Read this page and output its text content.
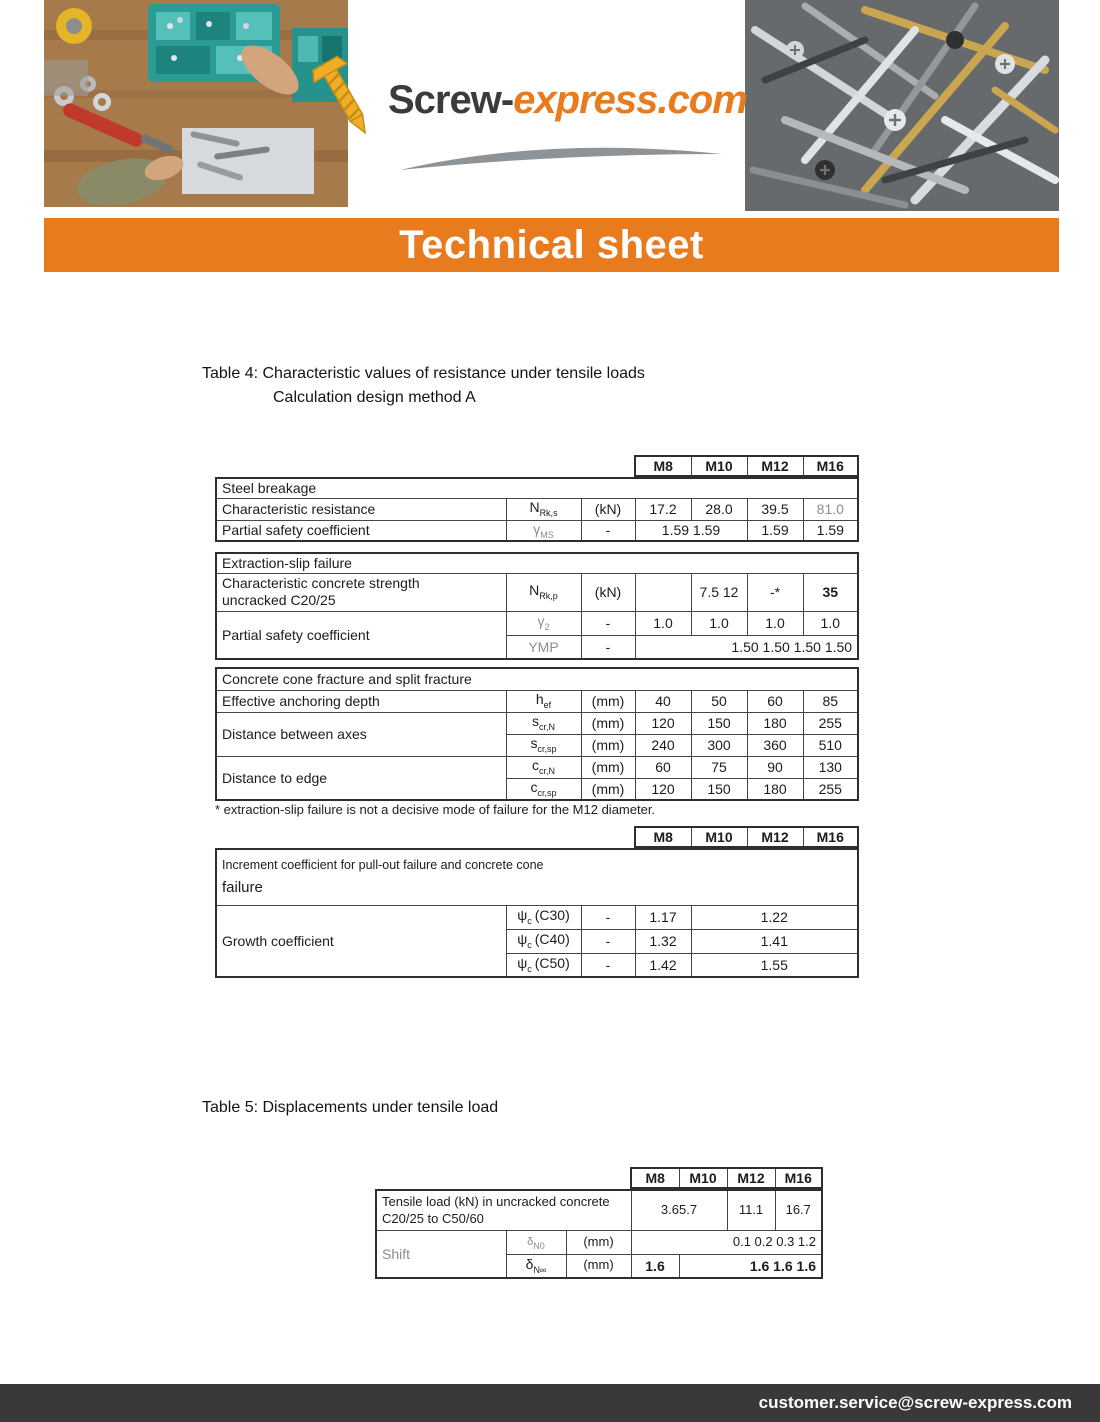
Screw-express.com
Technical sheet
Table 4: Characteristic values of resistance under tensile loads
Calculation design method A
M8	M10	M12	M16
Steel breakage						
Characteristic resistance	$N_{Rk,s}$	(kN)	17.2	28.0	39.5	81.0
Partial safety coefficient	$\gamma_{MS}$	-	1.59 1.59		1.59	1.59
Extraction-slip failure						

Characteristic concrete strength
uncracked C20/25	$N_{Rk,p}$	(kN)		7.5 12	-*	35
Partial safety coefficient	$\gamma_2$	-	1.0	1.0	1.0	1.0
	YMP	-	1.50 1.50 1.50 1.50			
Concrete cone fracture and split fracture						
Effective anchoring depth	$h_{ef}$	(mm)	40	50	60	85
Distance between axes	$s_{cr,N}$	(mm)	120	150	180	255
	$s_{cr,sp}$	(mm)	240	300	360	510
Distance to edge	$c_{cr,N}$	(mm)	60	75	90	130
	$c_{cr,sp}$	(mm)	120	150	180	255
* extraction-slip failure is not a decisive mode of failure for the M12 diameter.
M8	M10	M12	M16
Increment coefficient for pull-out failure and concrete cone
failure				

Growth coefficient	$\psi_c$ (C30)	-	1.17	1.22
	$\psi_c$ (C40)	-	1.32	1.41
	$\psi_c$ (C50)	-	1.42	1.55
Table 5: Displacements under tensile load
M8	M10	M12	M16
Tensile load (kN) in uncracked concrete
C20/25 to C50/60			3.65.7		11.1	16.7
Shift	$\delta_{N0}$	(mm)	0.1 0.2 0.3 1.2			
	$\delta_{N\infty}$	(mm)	1.6	1.6 1.6 1.6		
customer.service@screw-express.com
